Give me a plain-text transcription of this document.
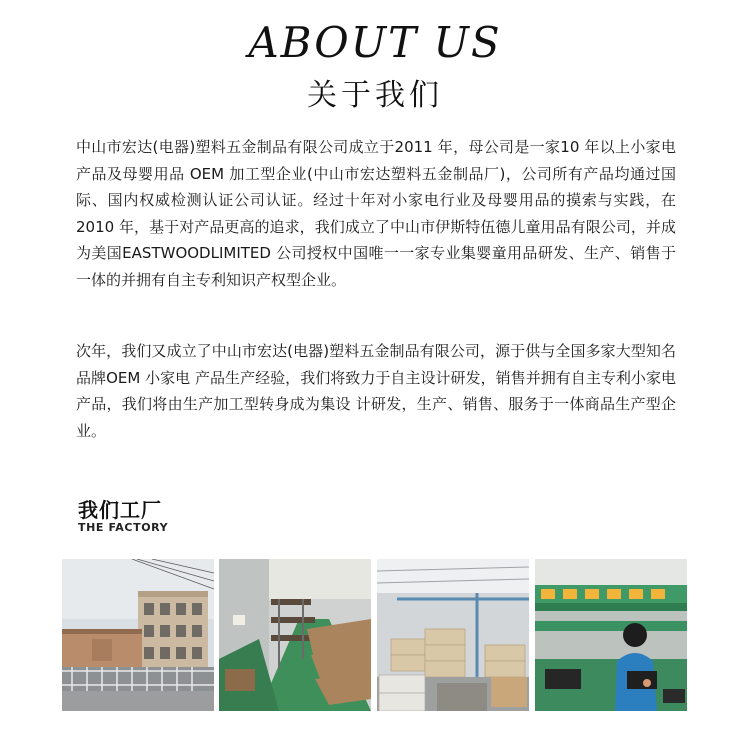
ABOUT US
关于我们
中山市宏达(电器)塑料五金制品有限公司成立于2011 年，母公司是一家10 年以上小家电产品及母婴用品 OEM 加工型企业(中山市宏达塑料五金制品厂)，公司所有产品均通过国际、国内权威检测认证公司认证。经过十年对小家电行业及母婴用品的摸索与实践，在2010 年，基于对产品更高的追求，我们成立了中山市伊斯特伍德儿童用品有限公司，并成为美国EASTWOODLIMITED 公司授权中国唯一一家专业集婴童用品研发、生产、销售于一体的并拥有自主专利知识产权型企业。
次年，我们又成立了中山市宏达(电器)塑料五金制品有限公司，源于供与全国多家大型知名品牌OEM 小家电 产品生产经验，我们将致力于自主设计研发，销售并拥有自主专利小家电产品，我们将由生产加工型转身成为集设 计研发，生产、销售、服务于一体商品生产型企业。
我们工厂
THE FACTORY
